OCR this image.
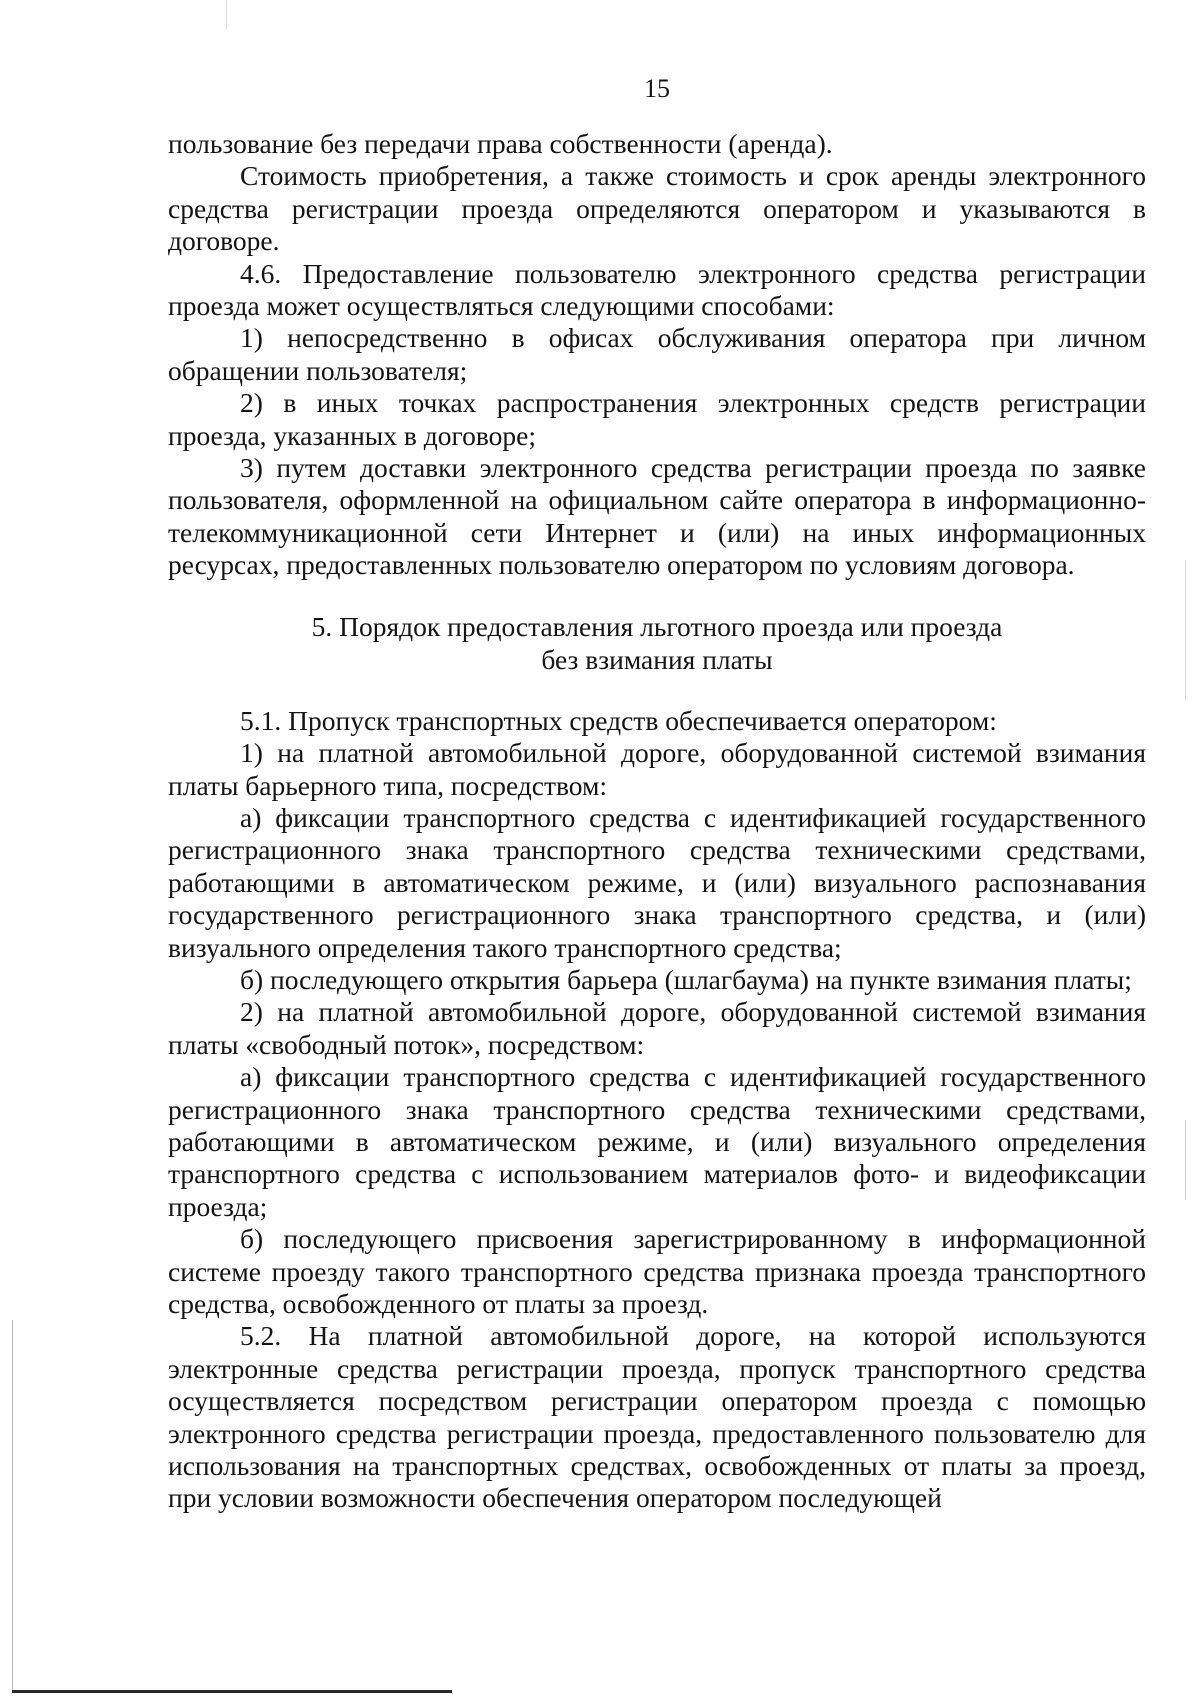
15

пользование без передачи права собственности (аренда).

Стоимость приобретения, а также стоимость и срок аренды электронного средства регистрации проезда определяются оператором и указываются в договоре.

4.6. Предоставление пользователю электронного средства регистрации проезда может осуществляться следующими способами:

1) непосредственно в офисах обслуживания оператора при личном обращении пользователя;

2) в иных точках распространения электронных средств регистрации проезда, указанных в договоре;

3) путем доставки электронного средства регистрации проезда по заявке пользователя, оформленной на официальном сайте оператора в информационно-телекоммуникационной сети Интернет и (или) на иных информационных ресурсах, предоставленных пользователю оператором по условиям договора.

5. Порядок предоставления льготного проезда или проезда
без взимания платы

5.1. Пропуск транспортных средств обеспечивается оператором:

1) на платной автомобильной дороге, оборудованной системой взимания платы барьерного типа, посредством:

а) фиксации транспортного средства с идентификацией государственного регистрационного знака транспортного средства техническими средствами, работающими в автоматическом режиме, и (или) визуального распознавания государственного регистрационного знака транспортного средства, и (или) визуального определения такого транспортного средства;

б) последующего открытия барьера (шлагбаума) на пункте взимания платы;

2) на платной автомобильной дороге, оборудованной системой взимания платы «свободный поток», посредством:

а) фиксации транспортного средства с идентификацией государственного регистрационного знака транспортного средства техническими средствами, работающими в автоматическом режиме, и (или) визуального определения транспортного средства с использованием материалов фото- и видеофиксации проезда;

б) последующего присвоения зарегистрированному в информационной системе проезду такого транспортного средства признака проезда транспортного средства, освобожденного от платы за проезд.

5.2. На платной автомобильной дороге, на которой используются электронные средства регистрации проезда, пропуск транспортного средства осуществляется посредством регистрации оператором проезда с помощью электронного средства регистрации проезда, предоставленного пользователю для использования на транспортных средствах, освобожденных от платы за проезд, при условии возможности обеспечения оператором последующей
